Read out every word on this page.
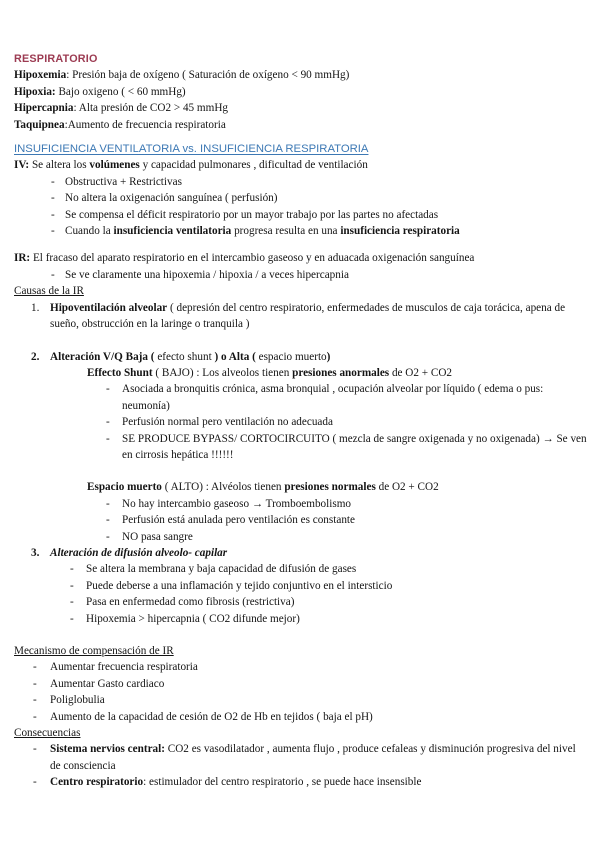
RESPIRATORIO
Hipoxemia: Presión baja de oxígeno ( Saturación de oxígeno < 90 mmHg)
Hipoxia: Bajo oxigeno ( < 60 mmHg)
Hipercapnia: Alta presión de CO2 > 45 mmHg
Taquipnea:Aumento de frecuencia respiratoria
INSUFICIENCIA VENTILATORIA vs. INSUFICIENCIA RESPIRATORIA
IV: Se altera los volúmenes y capacidad pulmonares , dificultad de ventilación
- Obstructiva + Restrictivas
- No altera la oxigenación sanguínea ( perfusión)
- Se compensa el déficit respiratorio por un mayor trabajo por las partes no afectadas
- Cuando la insuficiencia ventilatoria progresa resulta en una insuficiencia respiratoria
IR: El fracaso del aparato respiratorio en el intercambio gaseoso y en aduacada oxigenación sanguínea
- Se ve claramente una hipoxemia / hipoxia / a veces hipercapnia
Causas de la IR
1. Hipoventilación alveolar ( depresión del centro respiratorio, enfermedades de musculos de caja torácica, apena de sueño, obstrucción en la laringe o tranquila )
2. Alteración V/Q Baja ( efecto shunt ) o Alta ( espacio muerto)
Effecto Shunt ( BAJO) : Los alveolos tienen presiones anormales de O2 + CO2
- Asociada a bronquitis crónica, asma bronquial , ocupación alveolar por líquido ( edema o pus: neumonía)
- Perfusión normal pero ventilación no adecuada
- SE PRODUCE BYPASS/ CORTOCIRCUITO ( mezcla de sangre oxigenada y no oxigenada) → Se ven en cirrosis hepática !!!!!!
Espacio muerto ( ALTO) : Alvéolos tienen presiones normales de O2 + CO2
- No hay intercambio gaseoso → Tromboembolismo
- Perfusión está anulada pero ventilación es constante
- NO pasa sangre
3. Alteración de difusión alveolo- capilar
- Se altera la membrana y baja capacidad de difusión de gases
- Puede deberse a una inflamación y tejido conjuntivo en el intersticio
- Pasa en enfermedad como fibrosis (restrictiva)
- Hipoxemia > hipercapnia ( CO2 difunde mejor)
Mecanismo de compensación de IR
- Aumentar frecuencia respiratoria
- Aumentar Gasto cardiaco
- Poliglobulia
- Aumento de la capacidad de cesión de O2 de Hb en tejidos ( baja el pH)
Consecuencias
- Sistema nervios central: CO2 es vasodilatador , aumenta flujo , produce cefaleas y disminución progresiva del nivel de consciencia
- Centro respiratorio: estimulador del centro respiratorio , se puede hace insensible
